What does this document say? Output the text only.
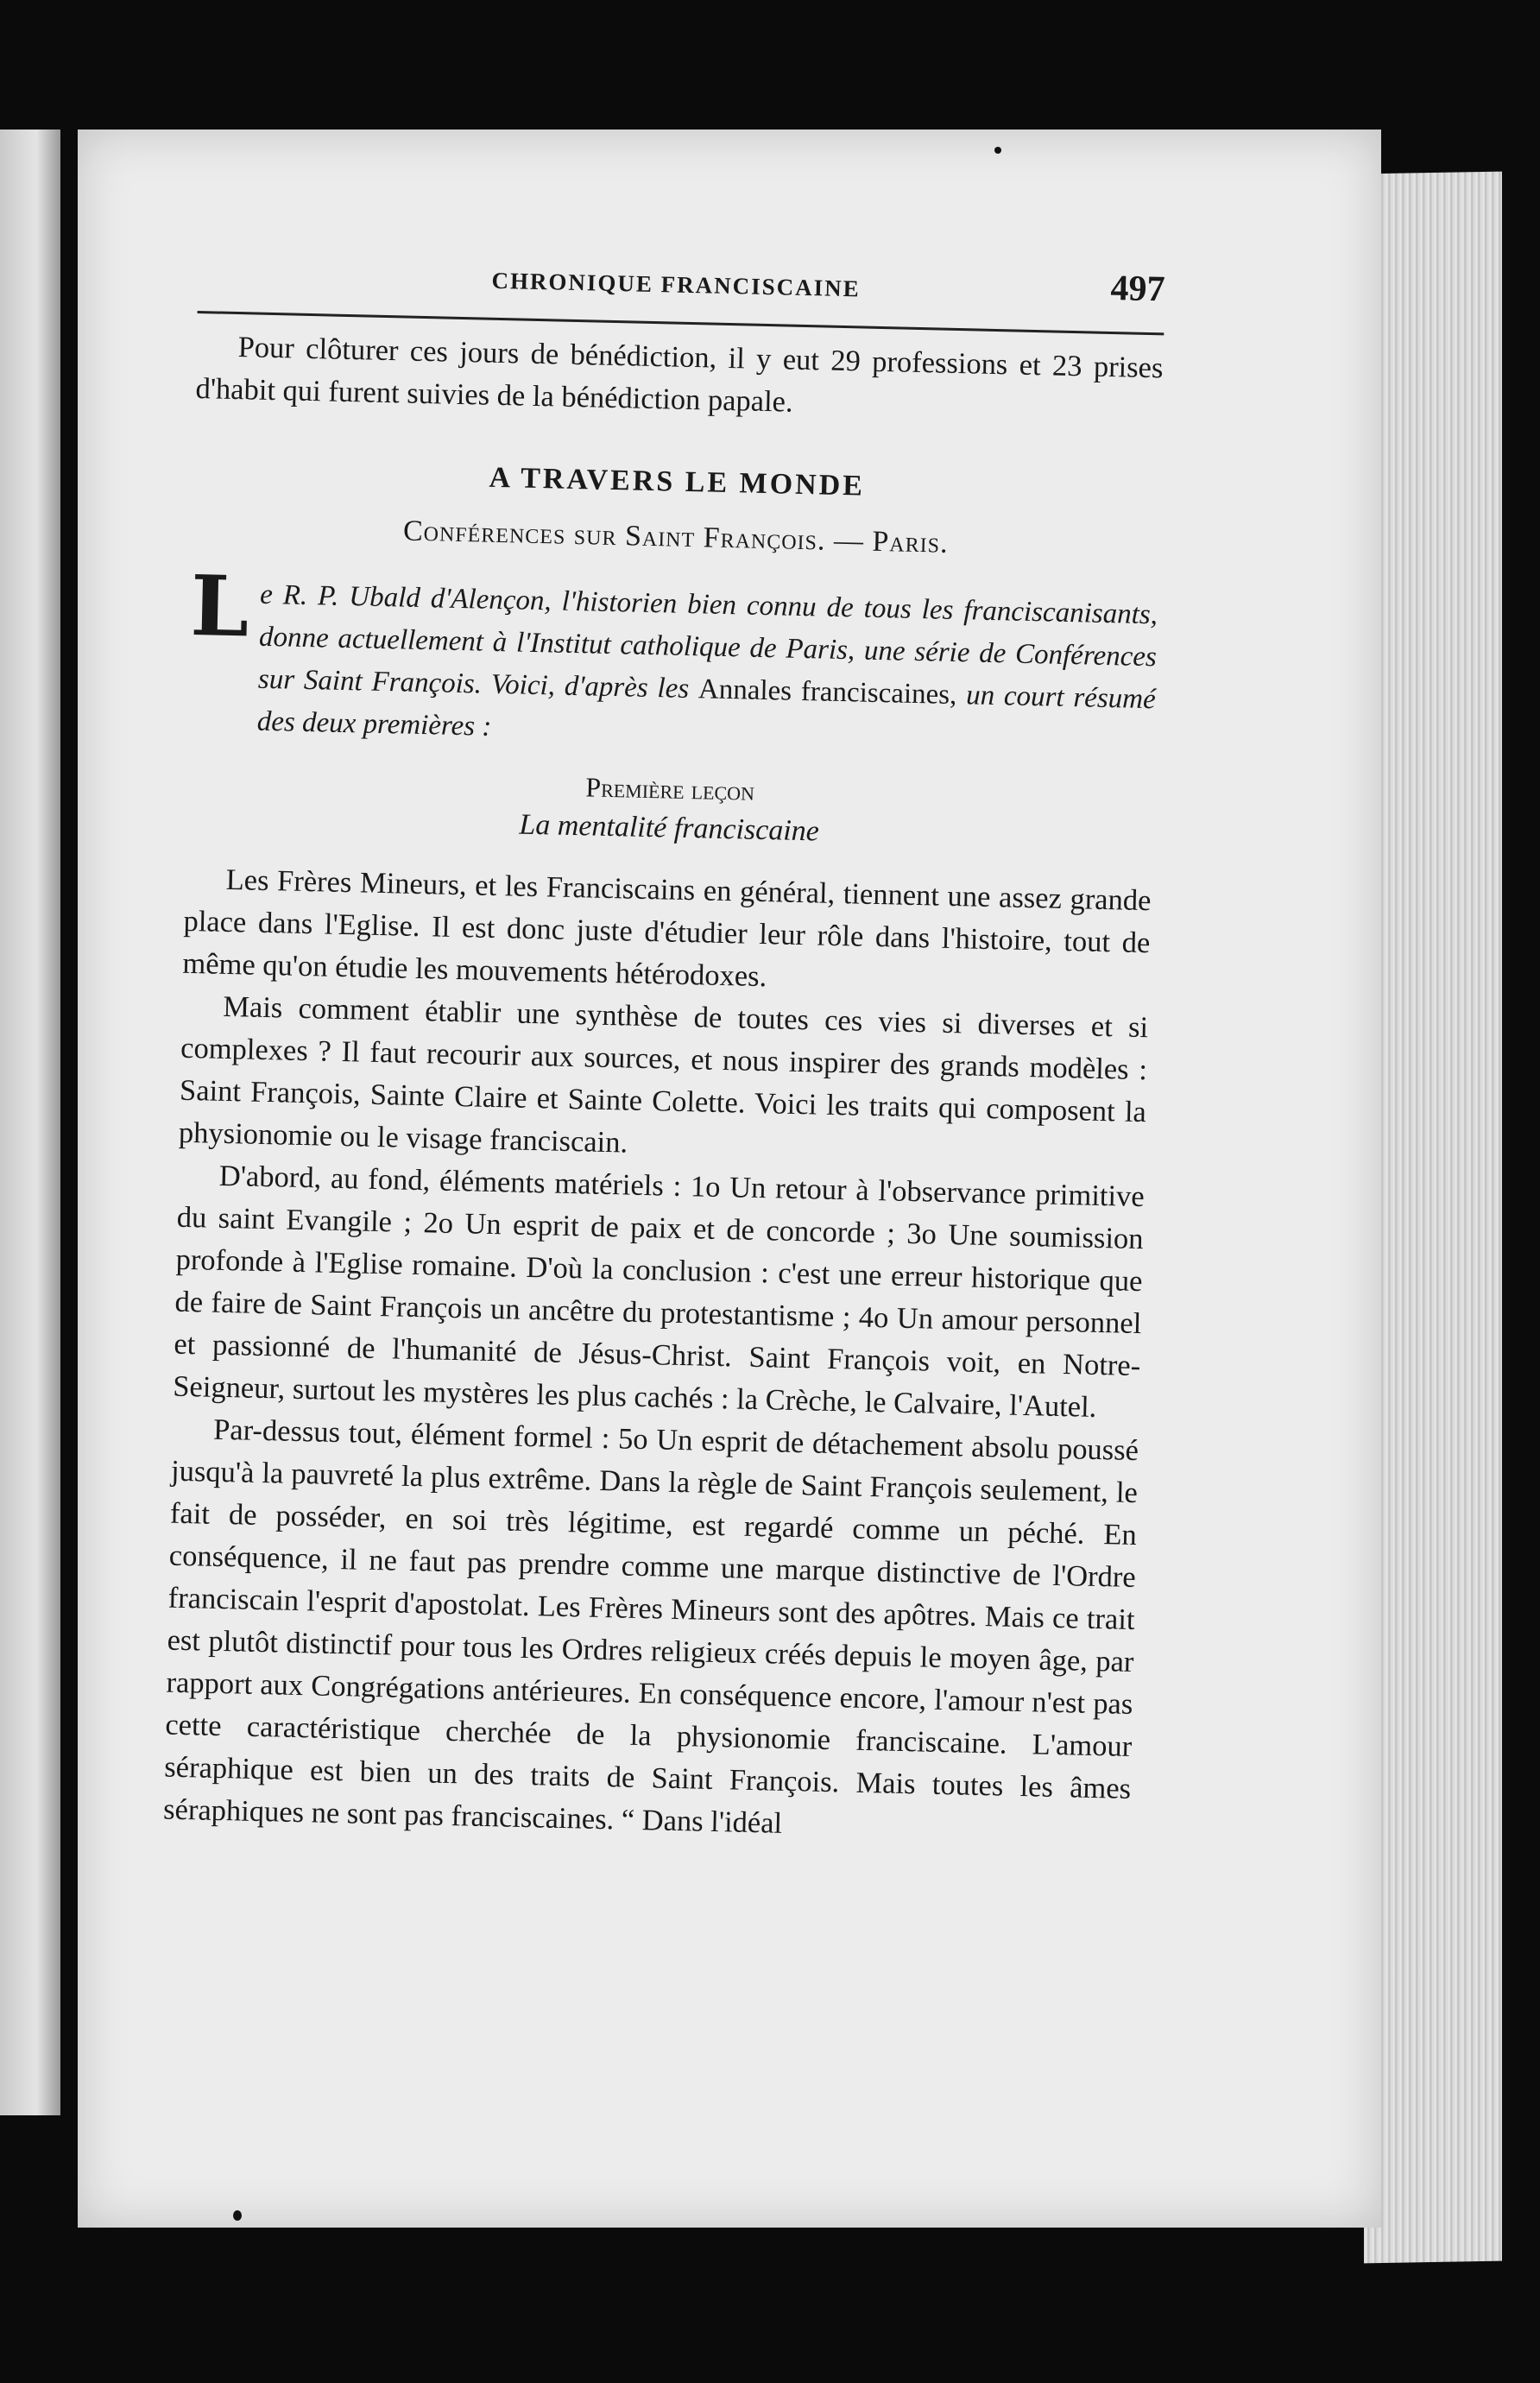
CHRONIQUE FRANCISCAINE	497

Pour clôturer ces jours de bénédiction, il y eut 29 professions et 23 prises d'habit qui furent suivies de la bénédiction papale.

A TRAVERS LE MONDE
Conférences sur Saint François. — Paris.
L e R. P. Ubald d'Alençon, l'historien bien connu de tous les franciscanisants, donne actuellement à l'Institut catholique de Paris, une série de Conférences sur Saint François. Voici, d'après les Annales franciscaines, un court résumé des deux premières :
Première leçon
La mentalité franciscaine

Les Frères Mineurs, et les Franciscains en général, tiennent une assez grande place dans l'Eglise. Il est donc juste d'étudier leur rôle dans l'histoire, tout de même qu'on étudie les mouvements hétérodoxes.

Mais comment établir une synthèse de toutes ces vies si diverses et si complexes ? Il faut recourir aux sources, et nous inspirer des grands modèles : Saint François, Sainte Claire et Sainte Colette. Voici les traits qui composent la physionomie ou le visage franciscain.

D'abord, au fond, éléments matériels : 1o Un retour à l'observance primitive du saint Evangile ; 2o Un esprit de paix et de concorde ; 3o Une soumission profonde à l'Eglise romaine. D'où la conclusion : c'est une erreur historique que de faire de Saint François un ancêtre du protestantisme ; 4o Un amour personnel et passionné de l'humanité de Jésus-Christ. Saint François voit, en Notre-Seigneur, surtout les mystères les plus cachés : la Crèche, le Calvaire, l'Autel.

Par-dessus tout, élément formel : 5o Un esprit de détachement absolu poussé jusqu'à la pauvreté la plus extrême. Dans la règle de Saint François seulement, le fait de posséder, en soi très légitime, est regardé comme un péché. En conséquence, il ne faut pas prendre comme une marque distinctive de l'Ordre franciscain l'esprit d'apostolat. Les Frères Mineurs sont des apôtres. Mais ce trait est plutôt distinctif pour tous les Ordres religieux créés depuis le moyen âge, par rapport aux Congrégations antérieures. En conséquence encore, l'amour n'est pas cette caractéristique cherchée de la physionomie franciscaine. L'amour séraphique est bien un des traits de Saint François. Mais toutes les âmes séraphiques ne sont pas franciscaines. “ Dans l'idéal
